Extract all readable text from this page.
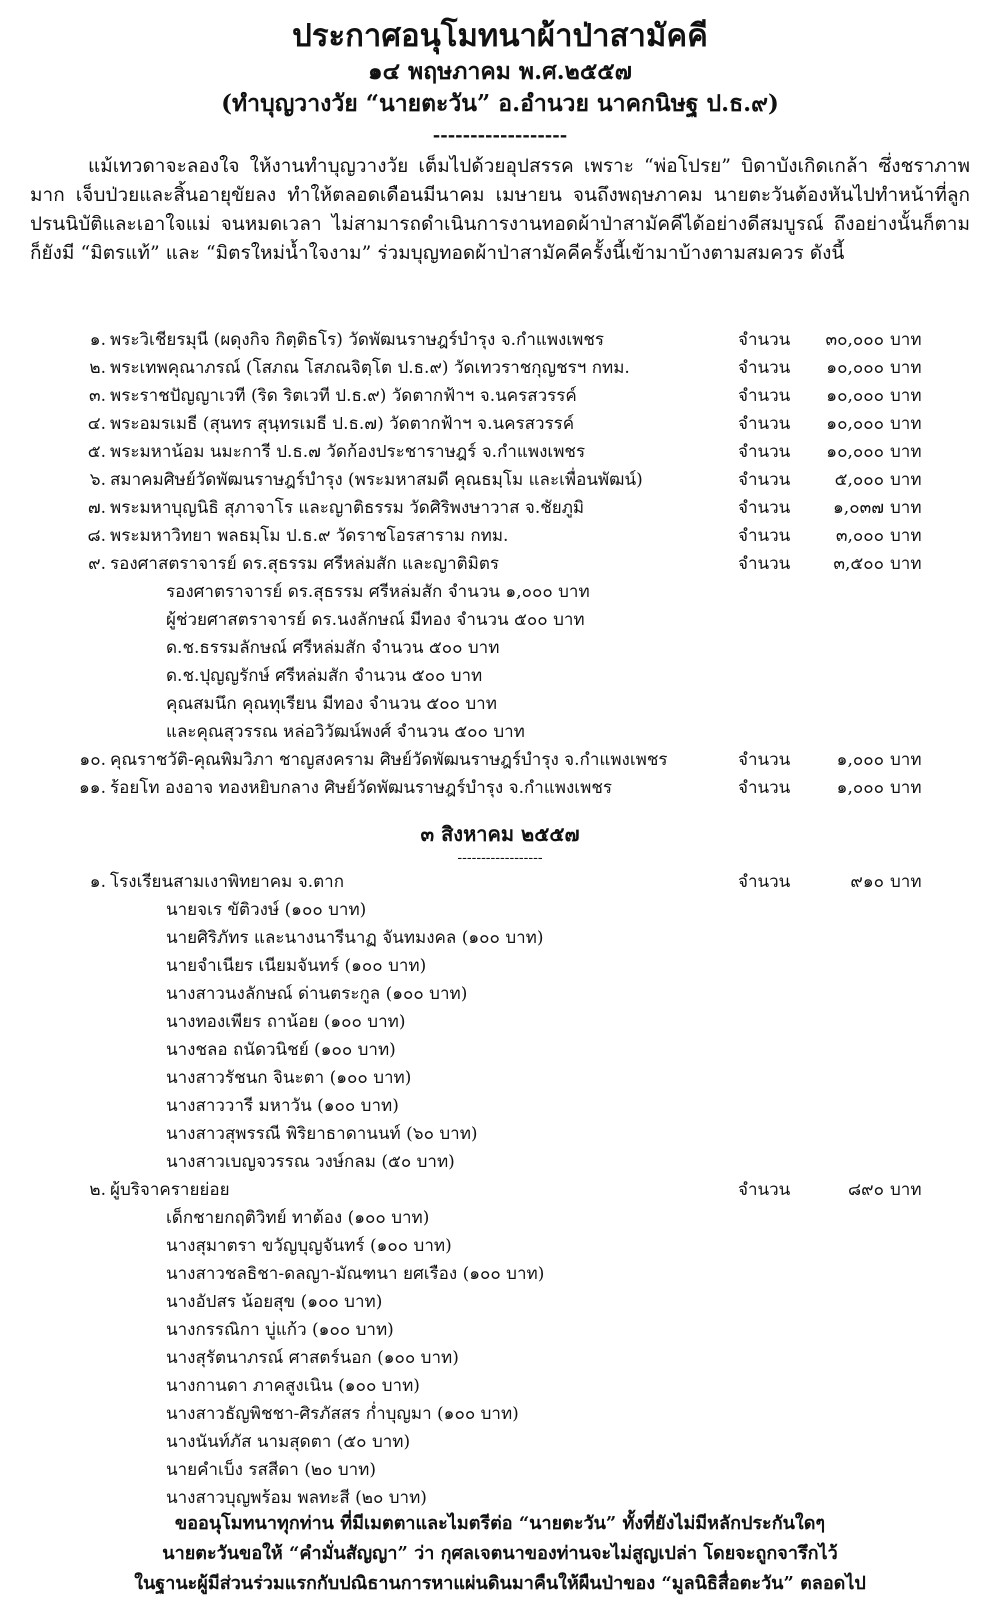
ประกาศอนุโมทนาผ้าป่าสามัคคี
๑๔ พฤษภาคม พ.ศ.๒๕๕๗
(ทำบุญวางวัย “นายตะวัน” อ.อำนวย นาคกนิษฐ ป.ธ.๙)
------------------
แม้เทวดาจะลองใจ ให้งานทำบุญวางวัย เต็มไปด้วยอุปสรรค เพราะ “พ่อโปรย” บิดาบังเกิดเกล้า ซึ่งชราภาพมาก เจ็บป่วยและสิ้นอายุขัยลง ทำให้ตลอดเดือนมีนาคม เมษายน จนถึงพฤษภาคม นายตะวันต้องหันไปทำหน้าที่ลูกปรนนิบัติและเอาใจแม่ จนหมดเวลา ไม่สามารถดำเนินการงานทอดผ้าป่าสามัคคีได้อย่างดีสมบูรณ์ ถึงอย่างนั้นก็ตาม ก็ยังมี “มิตรแท้” และ “มิตรใหม่น้ำใจงาม” ร่วมบุญทอดผ้าป่าสามัคคีครั้งนี้เข้ามาบ้างตามสมควร ดังนี้
๑. พระวิเชียรมุนี (ผดุงกิจ กิตฺติธโร) วัดพัฒนราษฎร์บำรุง จ.กำแพงเพชร	จำนวน	๓๐,๐๐๐ บาท
๒. พระเทพคุณาภรณ์ (โสภณ โสภณจิตฺโต ป.ธ.๙) วัดเทวราชกุญชรฯ กทม.	จำนวน	๑๐,๐๐๐ บาท
๓. พระราชปัญญาเวที (ริด ริตเวที ป.ธ.๙) วัดตากฟ้าฯ จ.นครสวรรค์	จำนวน	๑๐,๐๐๐ บาท
๔. พระอมรเมธี (สุนทร สุนฺทรเมธี ป.ธ.๗) วัดตากฟ้าฯ จ.นครสวรรค์	จำนวน	๑๐,๐๐๐ บาท
๕. พระมหาน้อม นมะการี ป.ธ.๗ วัดก้องประชาราษฎร์ จ.กำแพงเพชร	จำนวน	๑๐,๐๐๐ บาท
๖. สมาคมศิษย์วัดพัฒนราษฎร์บำรุง (พระมหาสมดี คุณธมฺโม และเพื่อนพัฒน์)	จำนวน	๕,๐๐๐ บาท
๗. พระมหาบุญนิธิ สุภาจาโร และญาติธรรม วัดศิริพงษาวาส จ.ชัยภูมิ	จำนวน	๑,๐๓๗ บาท
๘. พระมหาวิทยา พลธมฺโม ป.ธ.๙ วัดราชโอรสาราม กทม.	จำนวน	๓,๐๐๐ บาท
๙. รองศาสตราจารย์ ดร.สุธรรม ศรีหล่มสัก และญาติมิตร	จำนวน	๓,๕๐๐ บาท
รองศาตราจารย์ ดร.สุธรรม ศรีหล่มสัก จำนวน ๑,๐๐๐ บาท
ผู้ช่วยศาสตราจารย์ ดร.นงลักษณ์ มีทอง จำนวน ๕๐๐ บาท
ด.ช.ธรรมลักษณ์ ศรีหล่มสัก จำนวน ๕๐๐ บาท
ด.ช.ปุญญรักษ์ ศรีหล่มสัก จำนวน ๕๐๐ บาท
คุณสมนึก คุณทุเรียน มีทอง จำนวน ๕๐๐ บาท
และคุณสุวรรณ หล่อวิวัฒน์พงศ์ จำนวน ๕๐๐ บาท
๑๐. คุณราชวัติ-คุณพิมวิภา ชาญสงคราม ศิษย์วัดพัฒนราษฎร์บำรุง จ.กำแพงเพชร	จำนวน	๑,๐๐๐ บาท
๑๑. ร้อยโท องอาจ ทองหยิบกลาง ศิษย์วัดพัฒนราษฎร์บำรุง จ.กำแพงเพชร	จำนวน	๑,๐๐๐ บาท
๓ สิงหาคม ๒๕๕๗
------------------
๑. โรงเรียนสามเงาพิทยาคม จ.ตาก	จำนวน	๙๑๐ บาท
นายจเร ขัติวงษ์ (๑๐๐ บาท)
นายศิริภัทร และนางนารีนาฏ จันทมงคล (๑๐๐ บาท)
นายจำเนียร เนียมจันทร์ (๑๐๐ บาท)
นางสาวนงลักษณ์ ด่านตระกูล (๑๐๐ บาท)
นางทองเพียร ถาน้อย (๑๐๐ บาท)
นางชลอ ถนัดวนิชย์ (๑๐๐ บาท)
นางสาวรัชนก จินะตา (๑๐๐ บาท)
นางสาววารี มหาวัน (๑๐๐ บาท)
นางสาวสุพรรณี พิริยาธาดานนท์ (๖๐ บาท)
นางสาวเบญจวรรณ วงษ์กลม (๕๐ บาท)
๒. ผู้บริจาครายย่อย	จำนวน	๘๙๐ บาท
เด็กชายกฤติวิทย์ ทาต้อง (๑๐๐ บาท)
นางสุมาตรา ขวัญบุญจันทร์ (๑๐๐ บาท)
นางสาวชลธิชา-ดลญา-มัณฑนา ยศเรือง (๑๐๐ บาท)
นางอัปสร น้อยสุข (๑๐๐ บาท)
นางกรรณิกา บู่แก้ว (๑๐๐ บาท)
นางสุรัตนาภรณ์ ศาสตร์นอก (๑๐๐ บาท)
นางกานดา ภาคสูงเนิน (๑๐๐ บาท)
นางสาวธัญพิชชา-ศิรภัสสร ก่ำบุญมา (๑๐๐ บาท)
นางนันท์ภัส นามสุดตา (๕๐ บาท)
นายคำเบ็ง รสสีดา (๒๐ บาท)
นางสาวบุญพร้อม พลทะสี (๒๐ บาท)
ขออนุโมทนาทุกท่าน ที่มีเมตตาและไมตรีต่อ “นายตะวัน” ทั้งที่ยังไม่มีหลักประกันใดๆ
นายตะวันขอให้ “คำมั่นสัญญา” ว่า กุศลเจตนาของท่านจะไม่สูญเปล่า โดยจะถูกจารึกไว้
ในฐานะผู้มีส่วนร่วมแรกกับปณิธานการหาแผ่นดินมาคืนให้ผืนป่าของ “มูลนิธิสื่อตะวัน” ตลอดไป
